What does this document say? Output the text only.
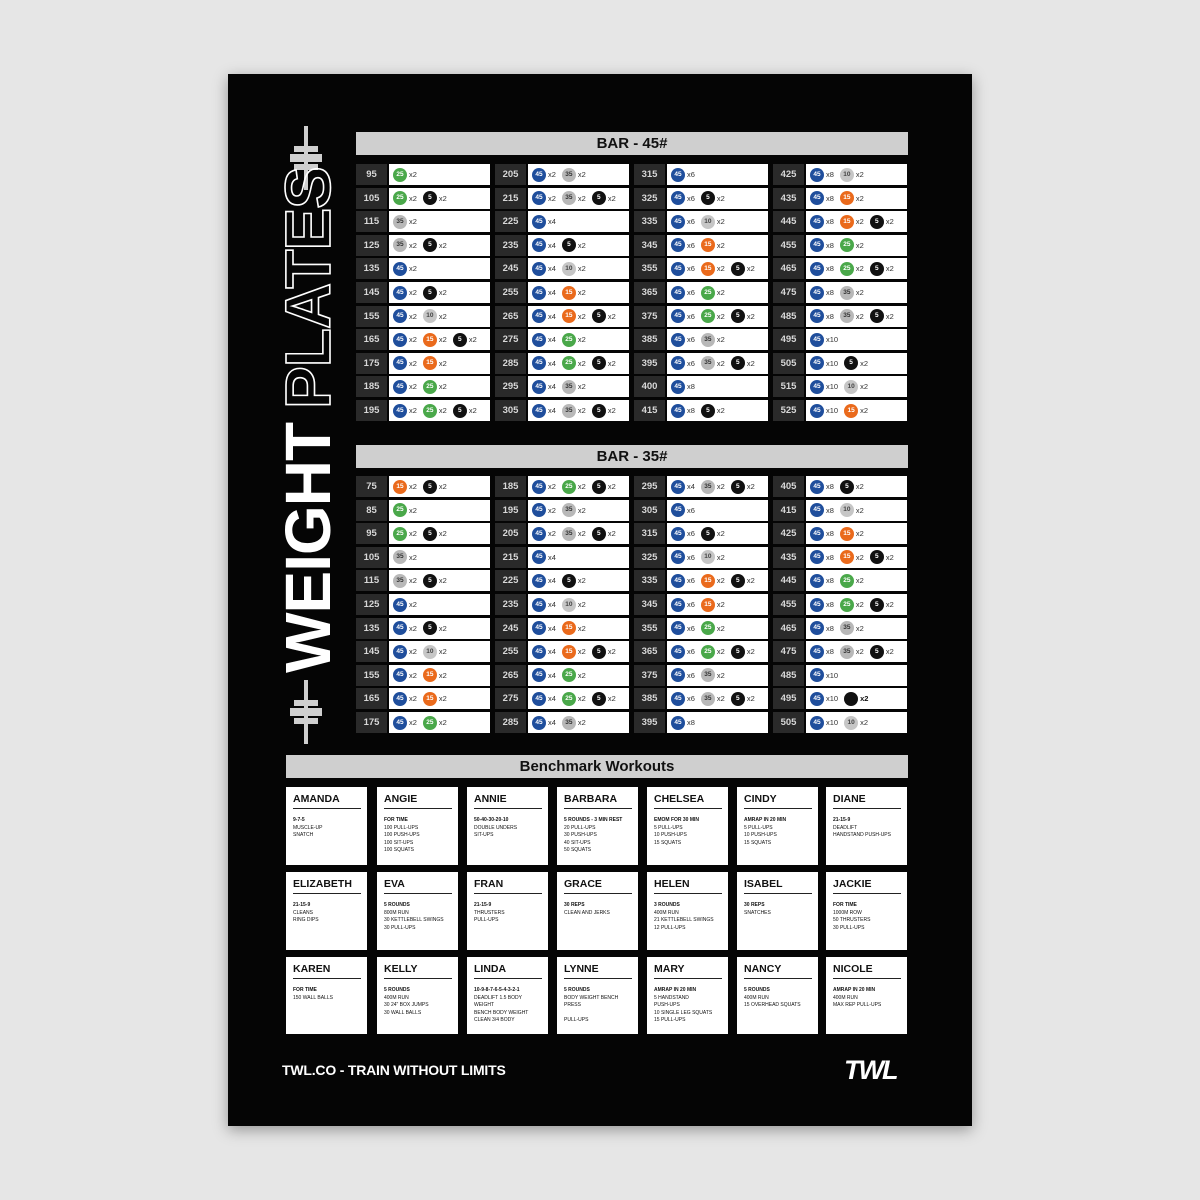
WEIGHTPLATES
BAR - 45#
95	25 x2	205	45 x2	35 x2	315	45 x6	425	45 x8	10 x2
105	25 x2	5 x2	215	45 x2	35 x2	5 x2	325	45 x6	5 x2	435	45 x8	15 x2
115	35 x2	225	45 x4	335	45 x6	10 x2	445	45 x8	15 x2	5 x2
125	35 x2	5 x2	235	45 x4	5 x2	345	45 x6	15 x2	455	45 x8	25 x2
135	45 x2	245	45 x4	10 x2	355	45 x6	15 x2	5 x2	465	45 x8	25 x2	5 x2
145	45 x2	5 x2	255	45 x4	15 x2	365	45 x6	25 x2	475	45 x8	35 x2
155	45 x2	10 x2	265	45 x4	15 x2	5 x2	375	45 x6	25 x2	5 x2	485	45 x8	35 x2	5 x2
165	45 x2	15 x2	5 x2	275	45 x4	25 x2	385	45 x6	35 x2	495	45 x10
175	45 x2	15 x2	285	45 x4	25 x2	5 x2	395	45 x6	35 x2	5 x2	505	45 x10	5 x2
185	45 x2	25 x2	295	45 x4	35 x2	400	45 x8	515	45 x10	10 x2
195	45 x2	25 x2	5 x2	305	45 x4	35 x2	5 x2	415	45 x8	5 x2	525	45 x10	15 x2
BAR - 35#
75	15 x2	5 x2	185	45 x2	25 x2	5 x2	295	45 x4	35 x2	5 x2	405	45 x8	5 x2
85	25 x2	195	45 x2	35 x2	305	45 x6	415	45 x8	10 x2
95	25 x2	5 x2	205	45 x2	35 x2	5 x2	315	45 x6	5 x2	425	45 x8	15 x2
105	35 x2	215	45 x4	325	45 x6	10 x2	435	45 x8	15 x2	5 x2
115	35 x2	5 x2	225	45 x4	5 x2	335	45 x6	15 x2	5 x2	445	45 x8	25 x2
125	45 x2	235	45 x4	10 x2	345	45 x6	15 x2	455	45 x8	25 x2	5 x2
135	45 x2	5 x2	245	45 x4	15 x2	355	45 x6	25 x2	465	45 x8	35 x2
145	45 x2	10 x2	255	45 x4	15 x2	5 x2	365	45 x6	25 x2	5 x2	475	45 x8	35 x2	5 x2
155	45 x2	15 x2	265	45 x4	25 x2	375	45 x6	35 x2	485	45 x10
165	45 x2	15 x2	275	45 x4	25 x2	5 x2	385	45 x6	35 x2	5 x2	495	45 x10	x2
175	45 x2	25 x2	285	45 x4	35 x2	395	45 x8	505	45 x10	10 x2
Benchmark Workouts
AMANDA
9-7-5
MUSCLE-UP
SNATCH
ANGIE
FOR TIME
100 PULL-UPS
100 PUSH-UPS
100 SIT-UPS
100 SQUATS
ANNIE
50-40-30-20-10
DOUBLE UNDERS
SIT-UPS
BARBARA
5 ROUNDS - 3 MIN REST
20 PULL-UPS
30 PUSH-UPS
40 SIT-UPS
50 SQUATS
CHELSEA
EMOM FOR 30 MIN
5 PULL-UPS
10 PUSH-UPS
15 SQUATS
CINDY
AMRAP IN 20 MIN
5 PULL-UPS
10 PUSH-UPS
15 SQUATS
DIANE
21-15-9
DEADLIFT
HANDSTAND PUSH-UPS
ELIZABETH
21-15-9
CLEANS
RING DIPS
EVA
5 ROUNDS
800M RUN
30 KETTLEBELL SWINGS
30 PULL-UPS
FRAN
21-15-9
THRUSTERS
PULL-UPS
GRACE
30 REPS
CLEAN AND JERKS
HELEN
3 ROUNDS
400M RUN
21 KETTLEBELL SWINGS
12 PULL-UPS
ISABEL
30 REPS
SNATCHES
JACKIE
FOR TIME
1000M ROW
50 THRUSTERS
30 PULL-UPS
KAREN
FOR TIME
150 WALL BALLS
KELLY
5 ROUNDS
400M RUN
30 24" BOX JUMPS
30 WALL BALLS
LINDA
10-9-8-7-6-5-4-3-2-1
DEADLIFT 1.5 BODY
WEIGHT
BENCH BODY WEIGHT
CLEAN 3/4 BODY
LYNNE
5 ROUNDS
BODY WEIGHT BENCH
PRESS

PULL-UPS
MARY
AMRAP IN 20 MIN
5 HANDSTAND
PUSH-UPS
10 SINGLE LEG SQUATS
15 PULL-UPS
NANCY
5 ROUNDS
400M RUN
15 OVERHEAD SQUATS
NICOLE
AMRAP IN 20 MIN
400M RUN
MAX REP PULL-UPS
TWL.CO - TRAIN WITHOUT LIMITS	TWL
